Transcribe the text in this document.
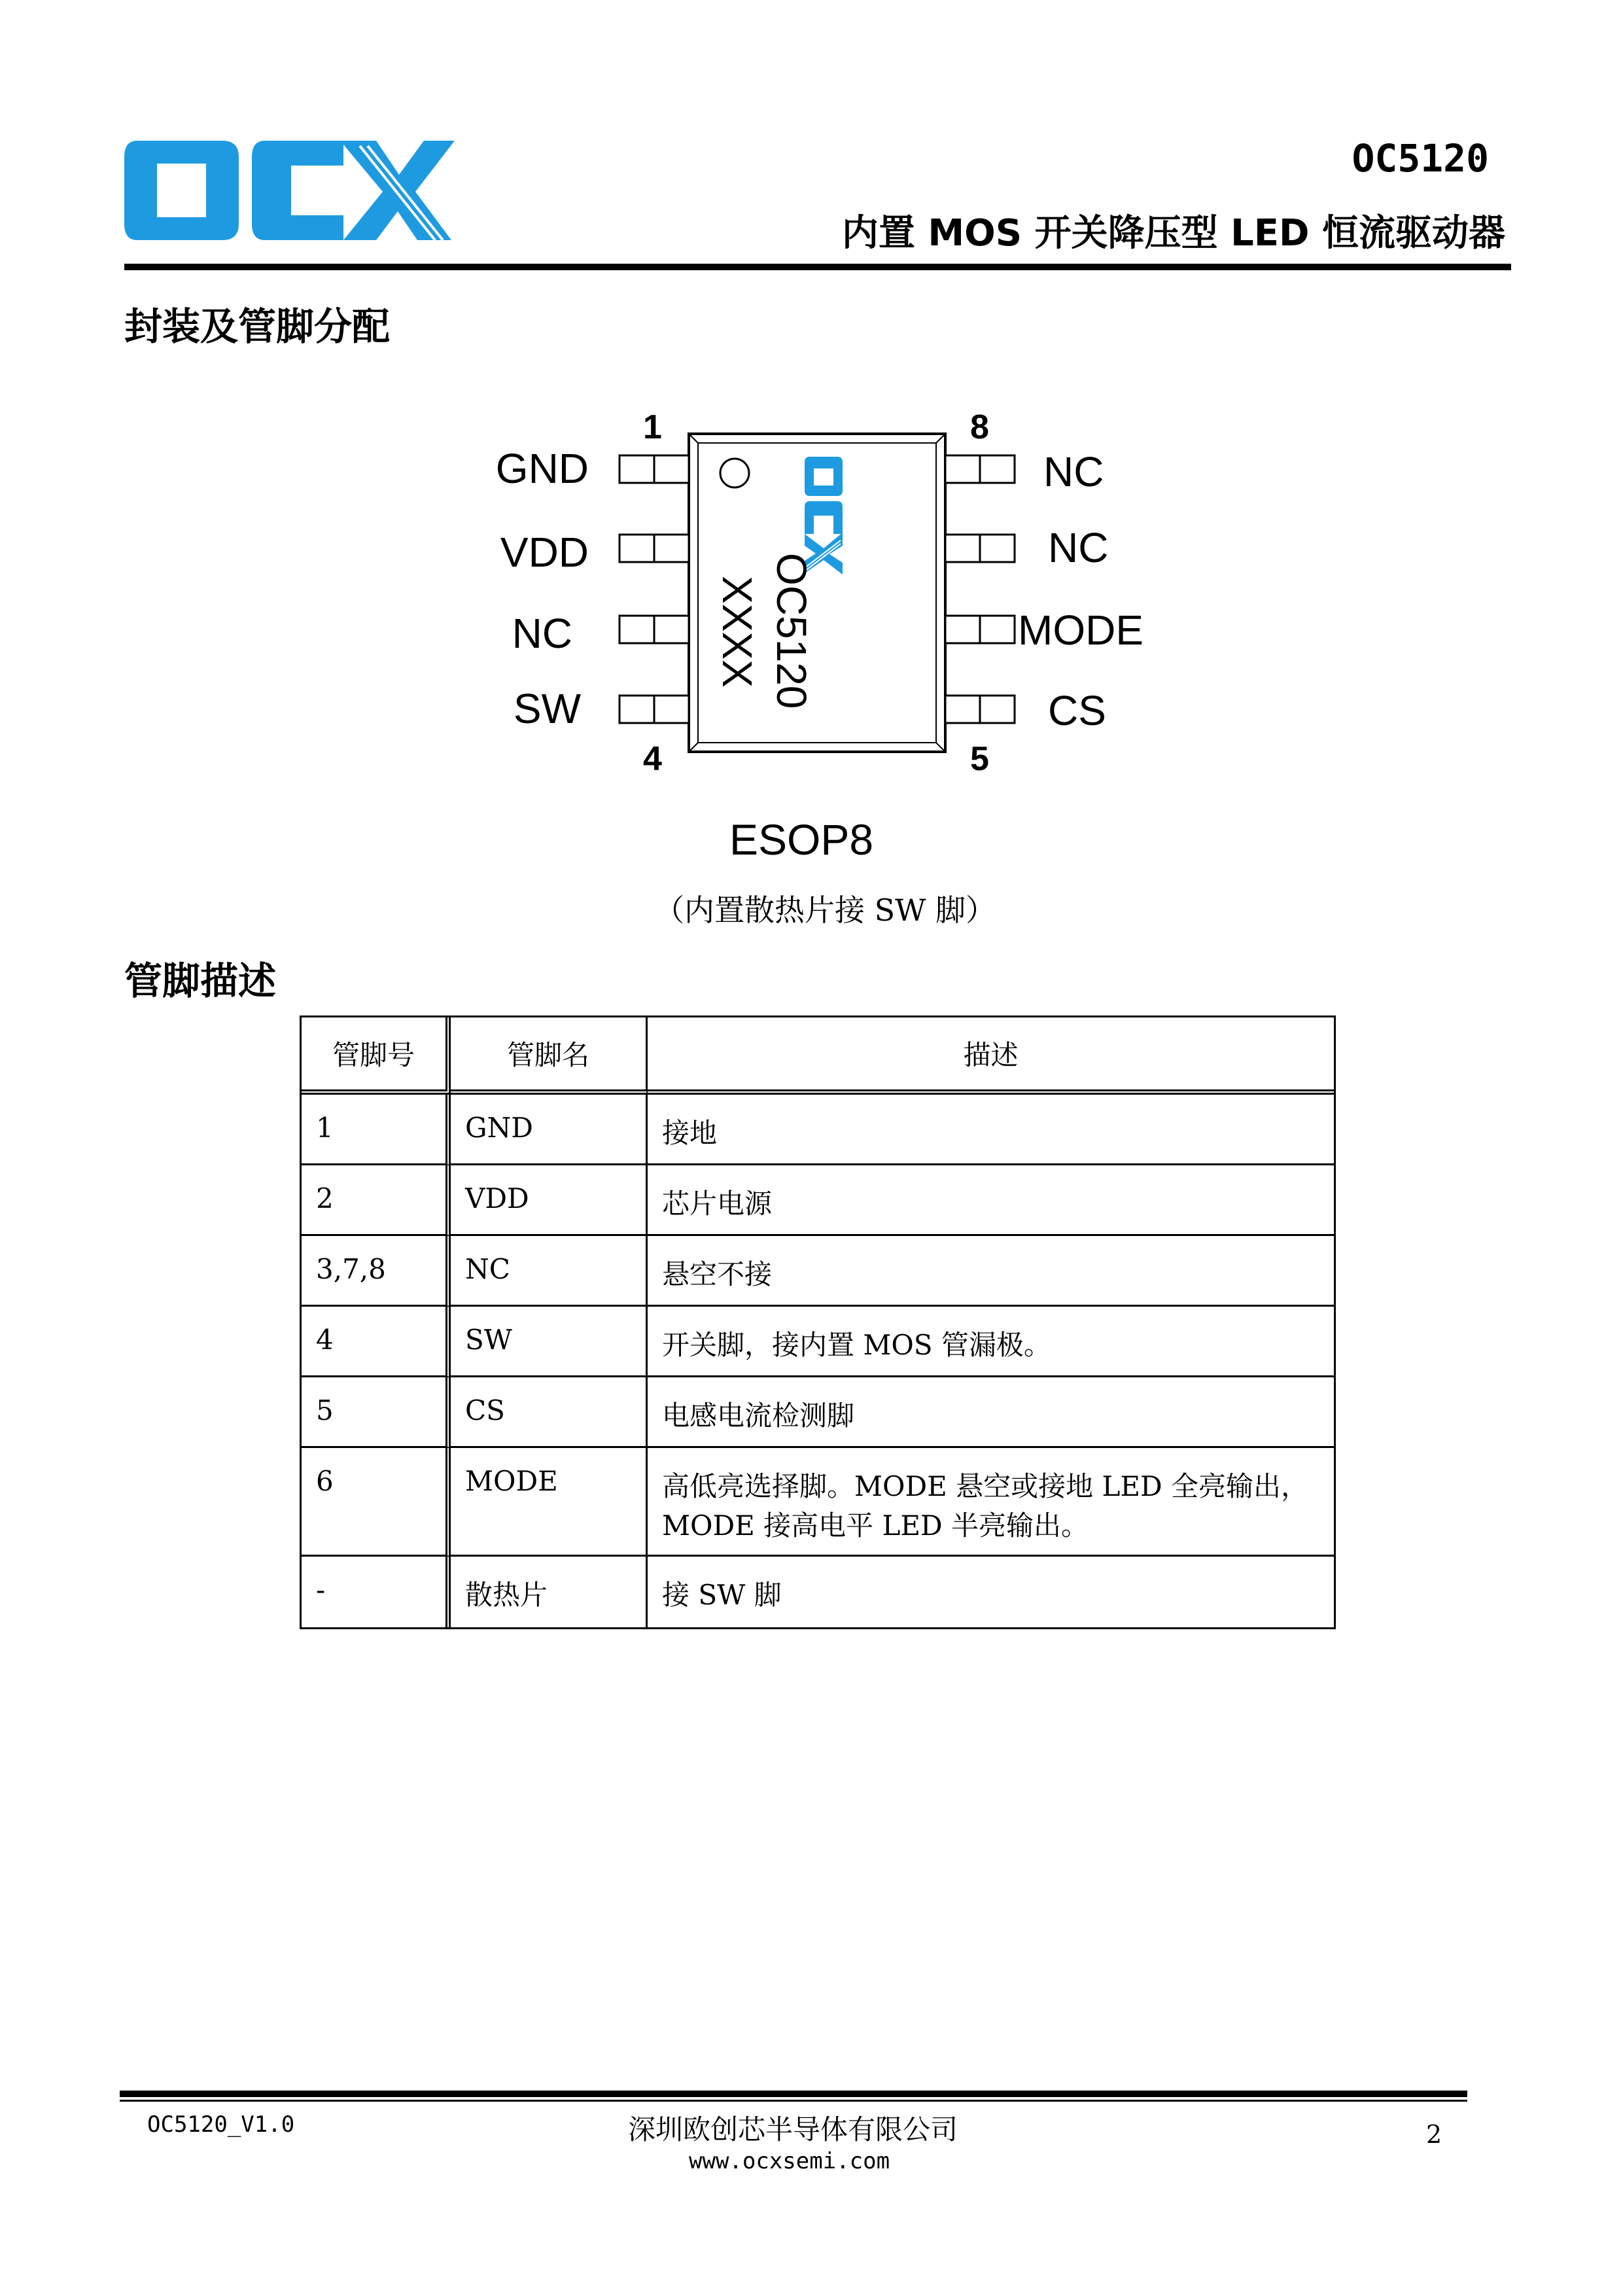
OCX
OC5120
内置 MOS 开关降压型 LED 恒流驱动器
封装及管脚分配
OC5120
XXXX
1
4
8
5
GND
VDD
NC
SW
NC
NC
MODE
CS
ESOP8
（内置散热片接 SW 脚）
管脚描述
管脚号	管脚名	描述
1	GND	接地
2	VDD	芯片电源
3,7,8	NC	悬空不接
4	SW	开关脚，接内置 MOS 管漏极。
5	CS	电感电流检测脚
6	MODE	高低亮选择脚。MODE 悬空或接地 LED 全亮输出，
MODE 接高电平 LED 半亮输出。

-	散热片	接 SW 脚
OC5120_V1.0	深圳欧创芯半导体有限公司
www.ocxsemi.com
2
